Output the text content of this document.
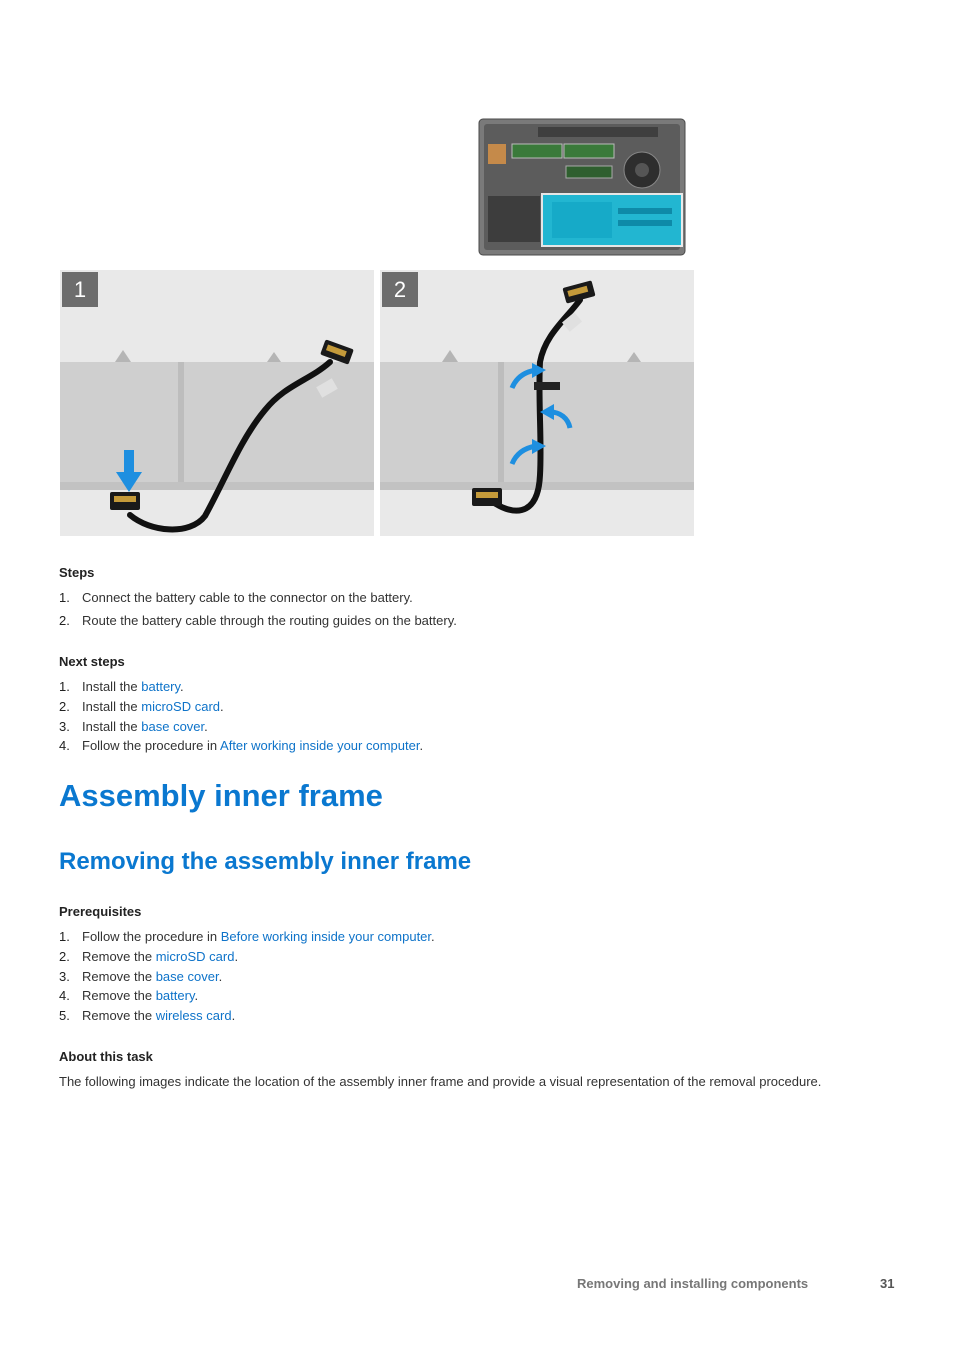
1	2
Steps
1. Connect the battery cable to the connector on the battery.
2. Route the battery cable through the routing guides on the battery.
Next steps
1. Install the battery.
2. Install the microSD card.
3. Install the base cover.
4. Follow the procedure in After working inside your computer.
Assembly inner frame
Removing the assembly inner frame
Prerequisites
1. Follow the procedure in Before working inside your computer.
2. Remove the microSD card.
3. Remove the base cover.
4. Remove the battery.
5. Remove the wireless card.
About this task

The following images indicate the location of the assembly inner frame and provide a visual representation of the removal procedure.

Removing and installing components	31
